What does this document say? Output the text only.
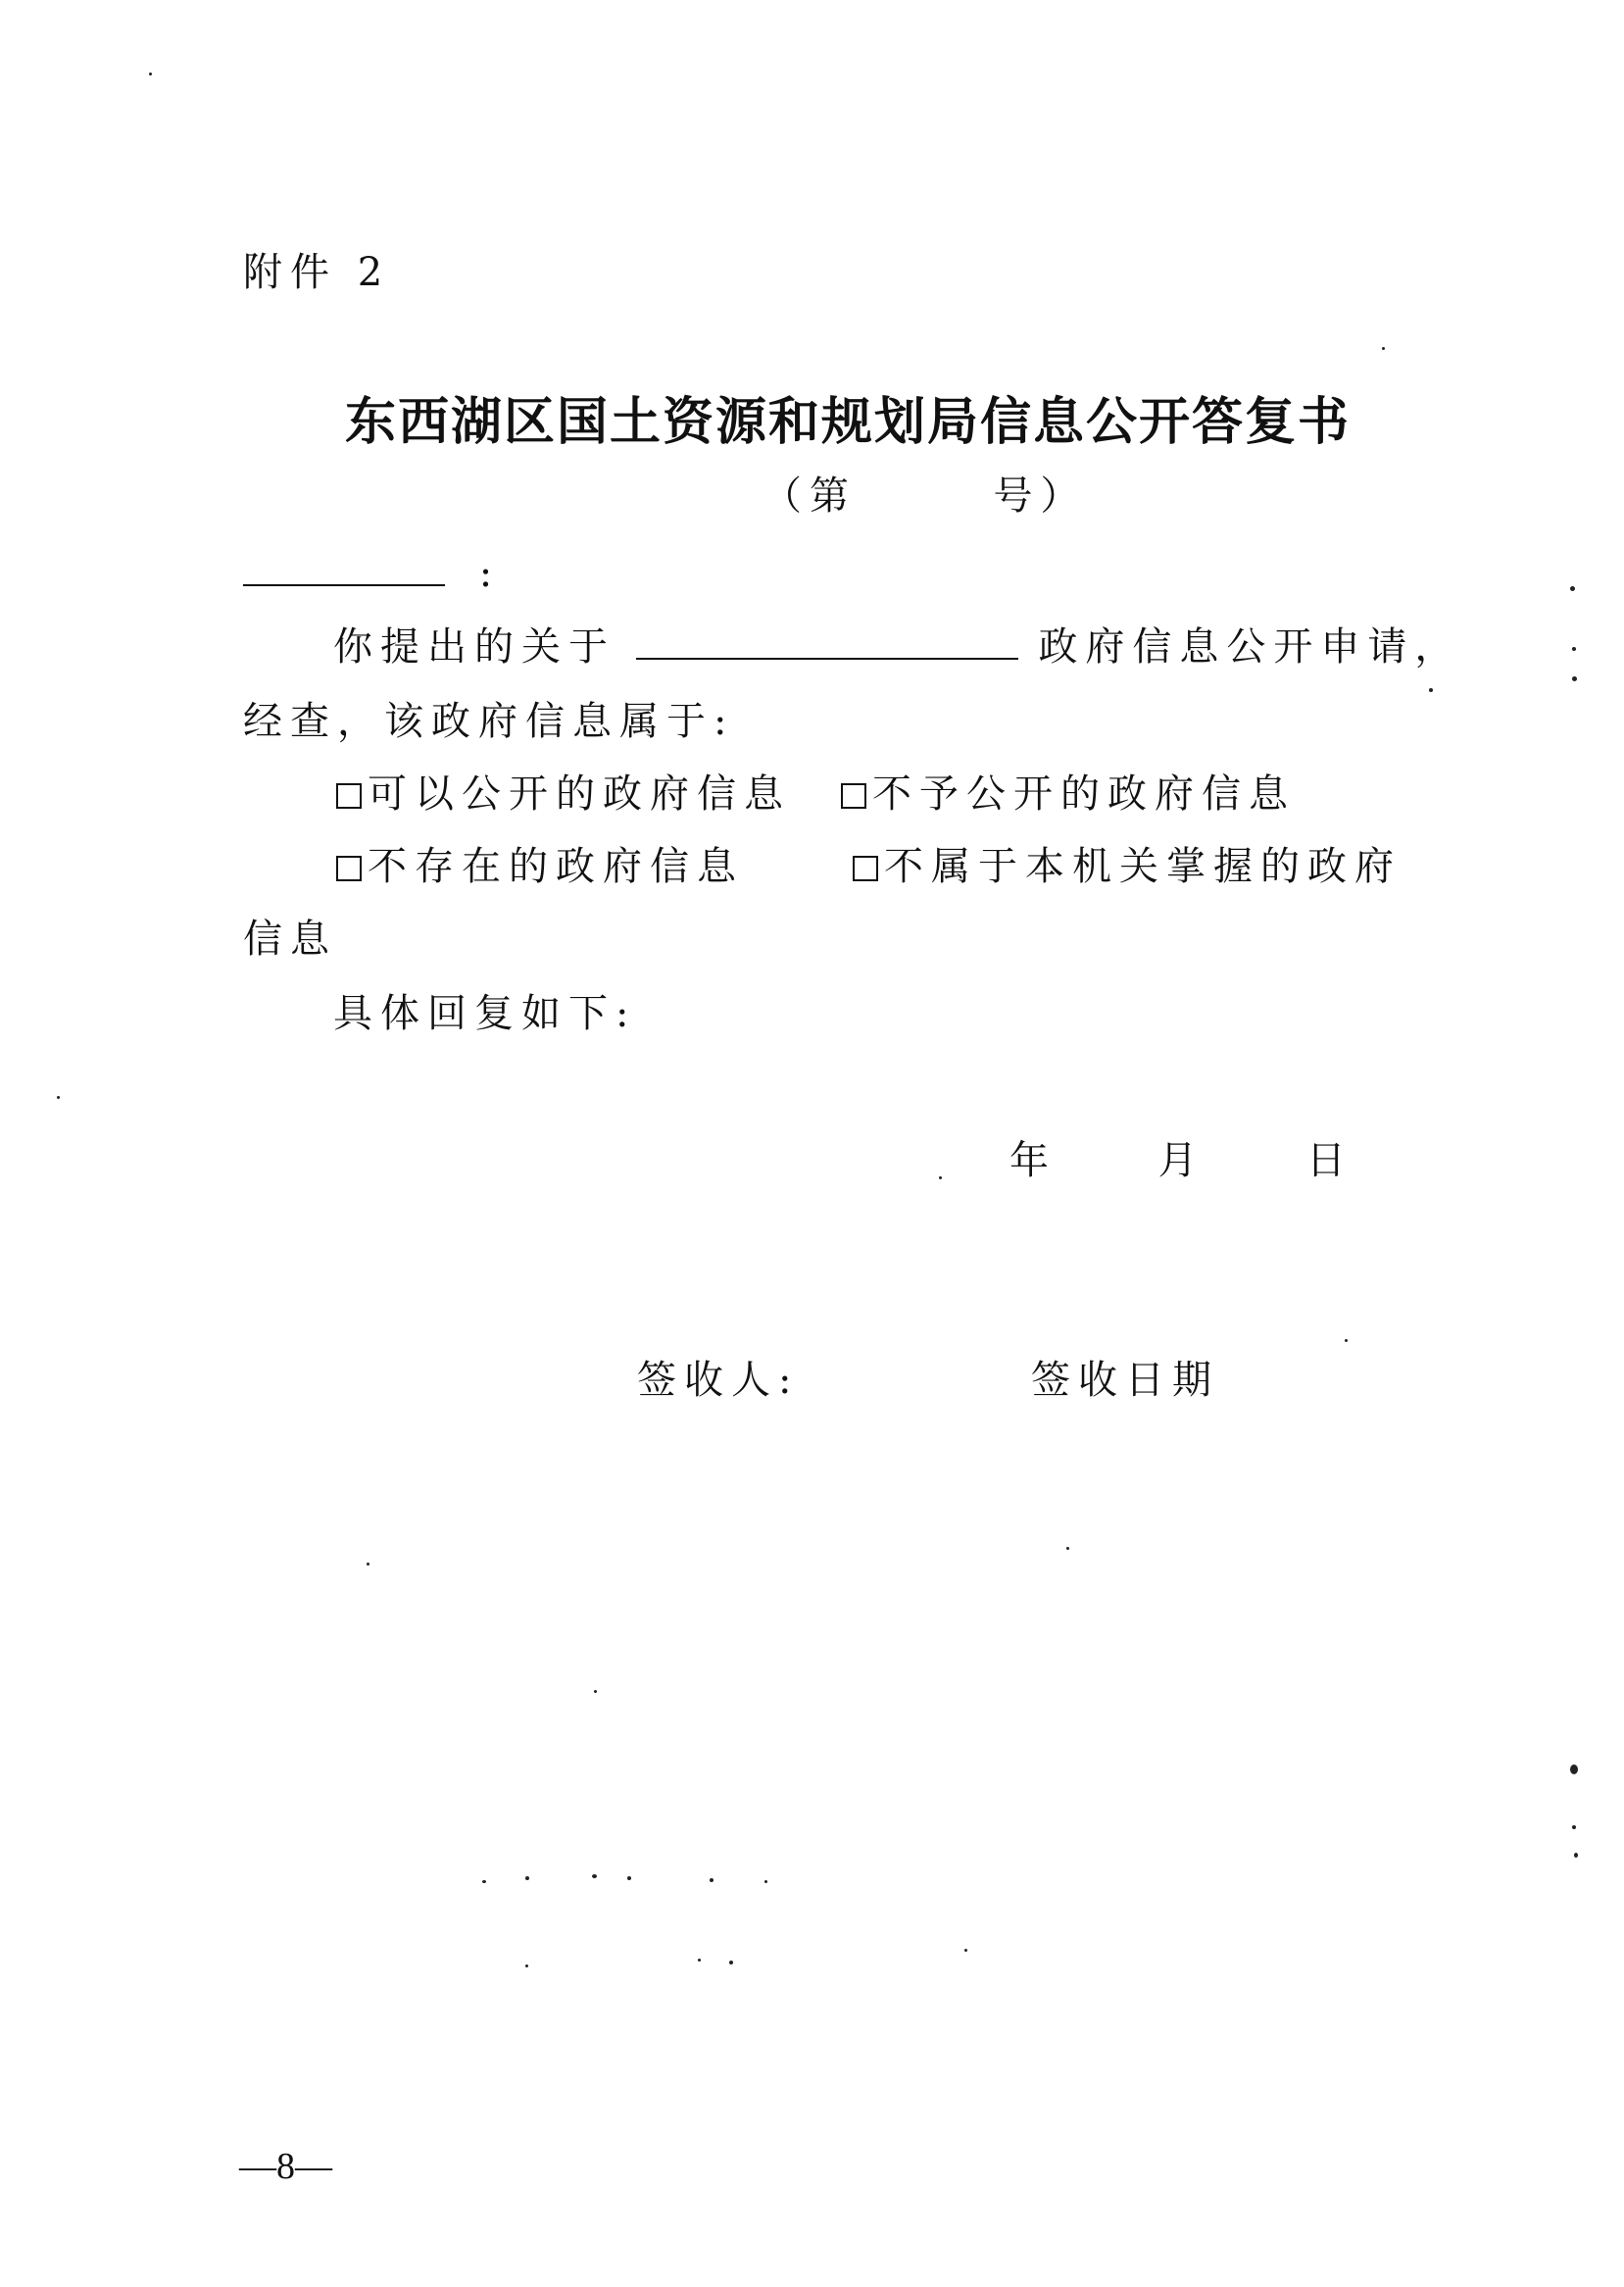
附件 2
东西湖区国土资源和规划局信息公开答复书
（第	号）
:
你提出的关于	政府信息公开申请，
经查，该政府信息属于:
可以公开的政府信息	不予公开的政府信息
不存在的政府信息	不属于本机关掌握的政府
信息
具体回复如下:
年	月	日
签收人:	签收日期
—8—
